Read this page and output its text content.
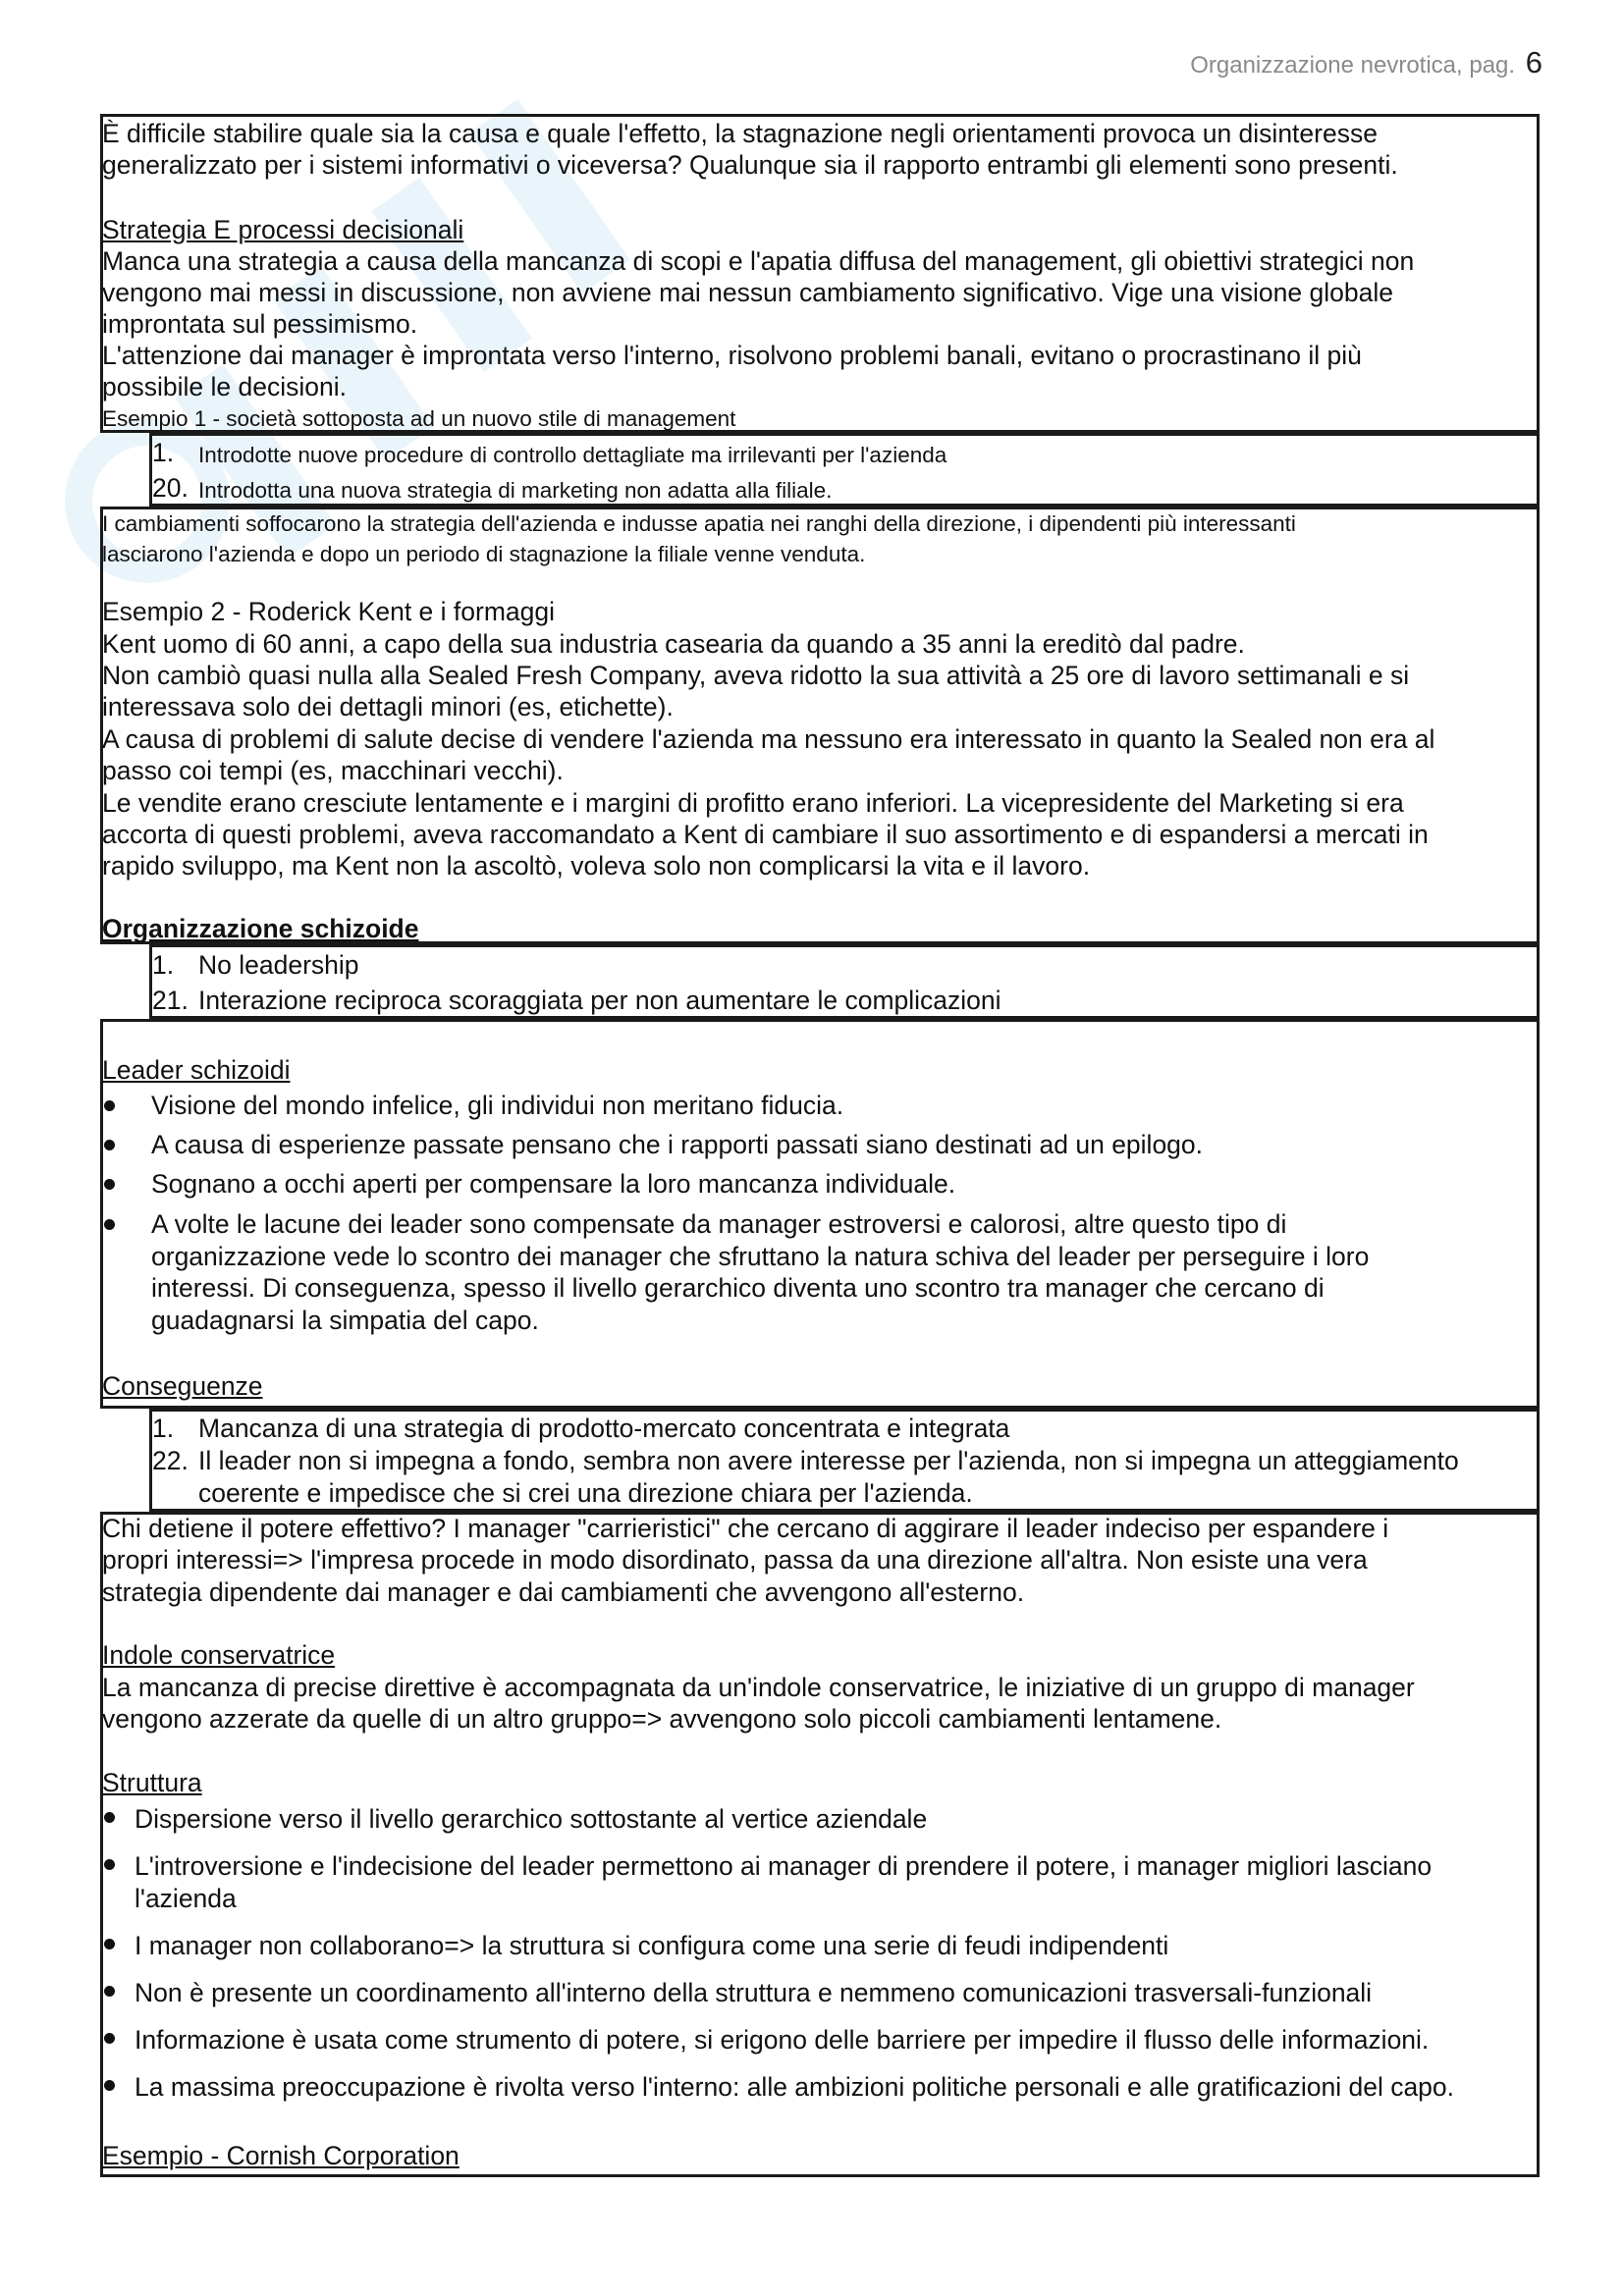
Organizzazione nevrotica, pag. 6
È difficile stabilire quale sia la causa e quale l'effetto, la stagnazione negli orientamenti provoca un disinteresse
generalizzato per i sistemi informativi o viceversa? Qualunque sia il rapporto entrambi gli elementi sono presenti.
Strategia E processi decisionali
Manca una strategia a causa della mancanza di scopi e l'apatia diffusa del management, gli obiettivi strategici non
vengono mai messi in discussione, non avviene mai nessun cambiamento significativo. Vige una visione globale
improntata sul pessimismo.
L'attenzione dai manager è improntata verso l'interno, risolvono problemi banali, evitano o procrastinano il più
possibile le decisioni.
Esempio 1 - società sottoposta ad un nuovo stile di management
1. Introdotte nuove procedure di controllo dettagliate ma irrilevanti per l'azienda
20. Introdotta una nuova strategia di marketing non adatta alla filiale.
I cambiamenti soffocarono la strategia dell'azienda e indusse apatia nei ranghi della direzione, i dipendenti più interessanti
lasciarono l'azienda e dopo un periodo di stagnazione la filiale venne venduta.
Esempio 2 - Roderick Kent e i formaggi
Kent uomo di 60 anni, a capo della sua industria casearia da quando a 35 anni la ereditò dal padre.
Non cambiò quasi nulla alla Sealed Fresh Company, aveva ridotto la sua attività a 25 ore di lavoro settimanali e si
interessava solo dei dettagli minori (es, etichette).
A causa di problemi di salute decise di vendere l'azienda ma nessuno era interessato in quanto la Sealed non era al
passo coi tempi (es, macchinari vecchi).
Le vendite erano cresciute lentamente e i margini di profitto erano inferiori. La vicepresidente del Marketing si era
accorta di questi problemi, aveva raccomandato a Kent di cambiare il suo assortimento e di espandersi a mercati in
rapido sviluppo, ma Kent non la ascoltò, voleva solo non complicarsi la vita e il lavoro.
Organizzazione schizoide
1. No leadership
21. Interazione reciproca scoraggiata per non aumentare le complicazioni
Leader schizoidi
Visione del mondo infelice, gli individui non meritano fiducia.
A causa di esperienze passate pensano che i rapporti passati siano destinati ad un epilogo.
Sognano a occhi aperti per compensare la loro mancanza individuale.
A volte le lacune dei leader sono compensate da manager estroversi e calorosi, altre questo tipo di
organizzazione vede lo scontro dei manager che sfruttano la natura schiva del leader per perseguire i loro
interessi. Di conseguenza, spesso il livello gerarchico diventa uno scontro tra manager che cercano di
guadagnarsi la simpatia del capo.
Conseguenze
1. Mancanza di una strategia di prodotto-mercato concentrata e integrata
22. Il leader non si impegna a fondo, sembra non avere interesse per l'azienda, non si impegna un atteggiamento
coerente e impedisce che si crei una direzione chiara per l'azienda.
Chi detiene il potere effettivo? I manager "carrieristici" che cercano di aggirare il leader indeciso per espandere i
propri interessi=> l'impresa procede in modo disordinato, passa da una direzione all'altra. Non esiste una vera
strategia dipendente dai manager e dai cambiamenti che avvengono all'esterno.
Indole conservatrice
La mancanza di precise direttive è accompagnata da un'indole conservatrice, le iniziative di un gruppo di manager
vengono azzerate da quelle di un altro gruppo=> avvengono solo piccoli cambiamenti lentamene.
Struttura
Dispersione verso il livello gerarchico sottostante al vertice aziendale
L'introversione e l'indecisione del leader permettono ai manager di prendere il potere, i manager migliori lasciano
l'azienda
I manager non collaborano=> la struttura si configura come una serie di feudi indipendenti
Non è presente un coordinamento all'interno della struttura e nemmeno comunicazioni trasversali-funzionali
Informazione è usata come strumento di potere, si erigono delle barriere per impedire il flusso delle informazioni.
La massima preoccupazione è rivolta verso l'interno: alle ambizioni politiche personali e alle gratificazioni del capo.
Esempio - Cornish Corporation
